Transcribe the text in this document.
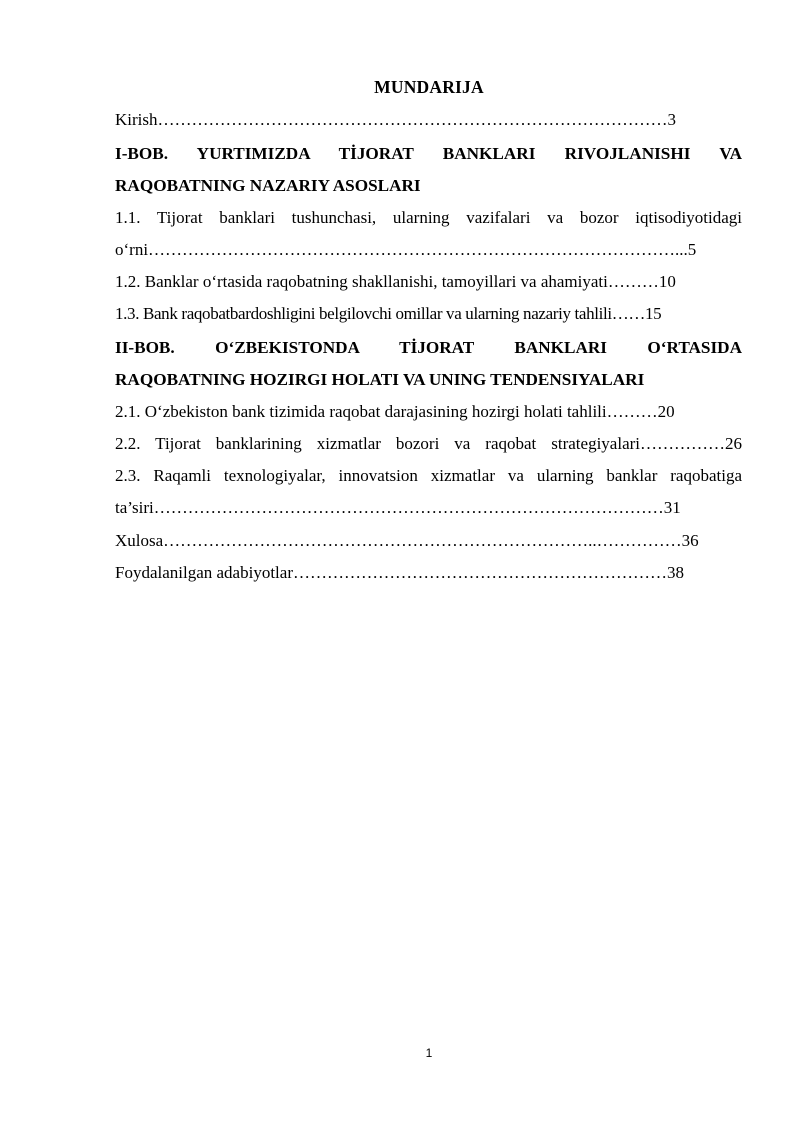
MUNDARIJA
Kirish………………………………………………………………………………3
I-BOB. YURTIMIZDA TİJORAT BANKLARI RIVOJLANISHI VA
RAQOBATNING NAZARIY ASOSLARI
1.1. Tijorat banklari tushunchasi, ularning vazifalari va bozor iqtisodiyotidagi
o‘rni…………………………………………………………………………………...5
1.2. Banklar o‘rtasida raqobatning shakllanishi, tamoyillari va ahamiyati………10
1.3. Bank raqobatbardoshligini belgilovchi omillar va ularning nazariy tahlili……15
II-BOB. O‘ZBEKISTONDA TİJORAT BANKLARI O‘RTASIDA
RAQOBATNING HOZIRGI HOLATI VA UNING TENDENSIYALARI
2.1. O‘zbekiston bank tizimida raqobat darajasining hozirgi holati tahlili………20
2.2. Tijorat banklarining xizmatlar bozori va raqobat strategiyalari……………26
2.3. Raqamli texnologiyalar, innovatsion xizmatlar va ularning banklar raqobatiga
ta’siri………………………………………………………………………………31
Xulosa…………………………………………………………………..……………36
Foydalanilgan adabiyotlar…………………………………………………………38
1
